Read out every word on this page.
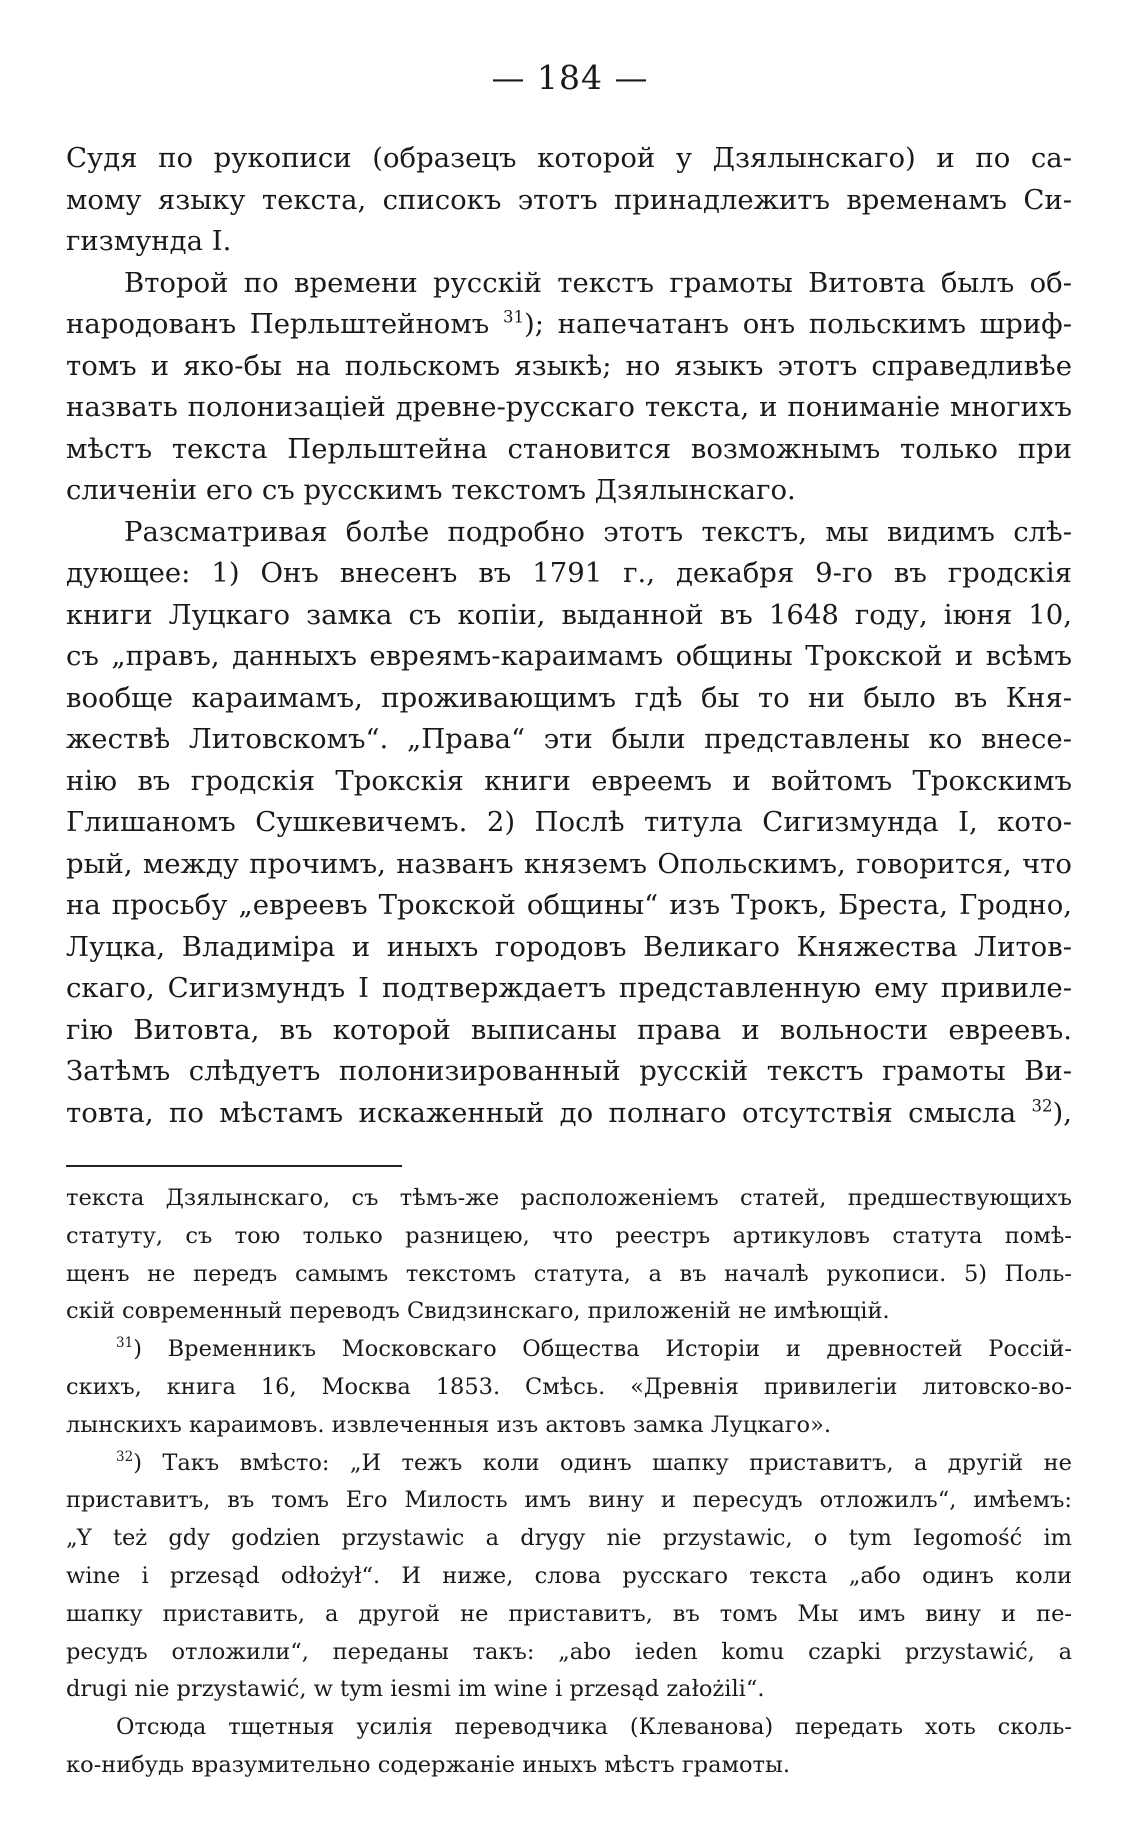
— 184 —
Судя по рукописи (образецъ которой у Дзялынскаго) и по са-
мому языку текста, списокъ этотъ принадлежитъ временамъ Си-
гизмунда I.
Второй по времени русскій текстъ грамоты Витовта былъ об-
народованъ Перльштейномъ $^{31}$); напечатанъ онъ польскимъ шриф-
томъ и яко-бы на польскомъ языкѣ; но языкъ этотъ справедливѣе
назвать полонизаціей древне-русскаго текста, и пониманіе многихъ
мѣстъ текста Перльштейна становится возможнымъ только при
сличеніи его съ русскимъ текстомъ Дзялынскаго.
Разсматривая болѣе подробно этотъ текстъ, мы видимъ слѣ-
дующее: 1) Онъ внесенъ въ 1791 г., декабря 9-го въ гродскія
книги Луцкаго замка съ копіи, выданной въ 1648 году, іюня 10,
съ „правъ, данныхъ евреямъ-караимамъ общины Трокской и всѣмъ
вообще караимамъ, проживающимъ гдѣ бы то ни было въ Кня-
жествѣ Литовскомъ“. „Права“ эти были представлены ко внесе-
нію въ гродскія Трокскія книги евреемъ и войтомъ Трокскимъ
Глишаномъ Сушкевичемъ. 2) Послѣ титула Сигизмунда I, кото-
рый, между прочимъ, названъ княземъ Опольскимъ, говорится, что
на просьбу „евреевъ Трокской общины“ изъ Трокъ, Бреста, Гродно,
Луцка, Владиміра и иныхъ городовъ Великаго Княжества Литов-
скаго, Сигизмундъ I подтверждаетъ представленную ему привиле-
гію Витовта, въ которой выписаны права и вольности евреевъ.
Затѣмъ слѣдуетъ полонизированный русскій текстъ грамоты Ви-
товта, по мѣстамъ искаженный до полнаго отсутствія смысла $^{32}$),
текста Дзялынскаго, съ тѣмъ-же расположеніемъ статей, предшествующихъ
статуту, съ тою только разницею, что реестръ артикуловъ статута помѣ-
щенъ не передъ самымъ текстомъ статута, а въ началѣ рукописи. 5) Поль-
скій современный переводъ Свидзинскаго, приложеній не имѣющій.
$^{31}$) Временникъ Московскаго Общества Исторіи и древностей Россій-
скихъ, книга 16, Москва 1853. Смѣсь. «Древнія привилегіи литовско-во-
лынскихъ караимовъ. извлеченныя изъ актовъ замка Луцкаго».
$^{32}$) Такъ вмѣсто: „И тежъ коли одинъ шапку приставитъ, а другій не
приставитъ, въ томъ Его Милость имъ вину и пересудъ отложилъ“, имѣемъ:
„Y też gdy godzien przystawic a drygy nie przystawic, o tym Iegomość im
wine i przesąd odłożył“. И ниже, слова русскаго текста „або одинъ коли
шапку приставить, а другой не приставитъ, въ томъ Мы имъ вину и пе-
ресудъ отложили“, переданы такъ: „abo ieden komu czapki przystawić, a
drugi nie przystawić, w tym iesmi im wine i przesąd założili“.
Отсюда тщетныя усилія переводчика (Клеванова) передать хоть сколь-
ко-нибудь вразумительно содержаніе иныхъ мѣстъ грамоты.
